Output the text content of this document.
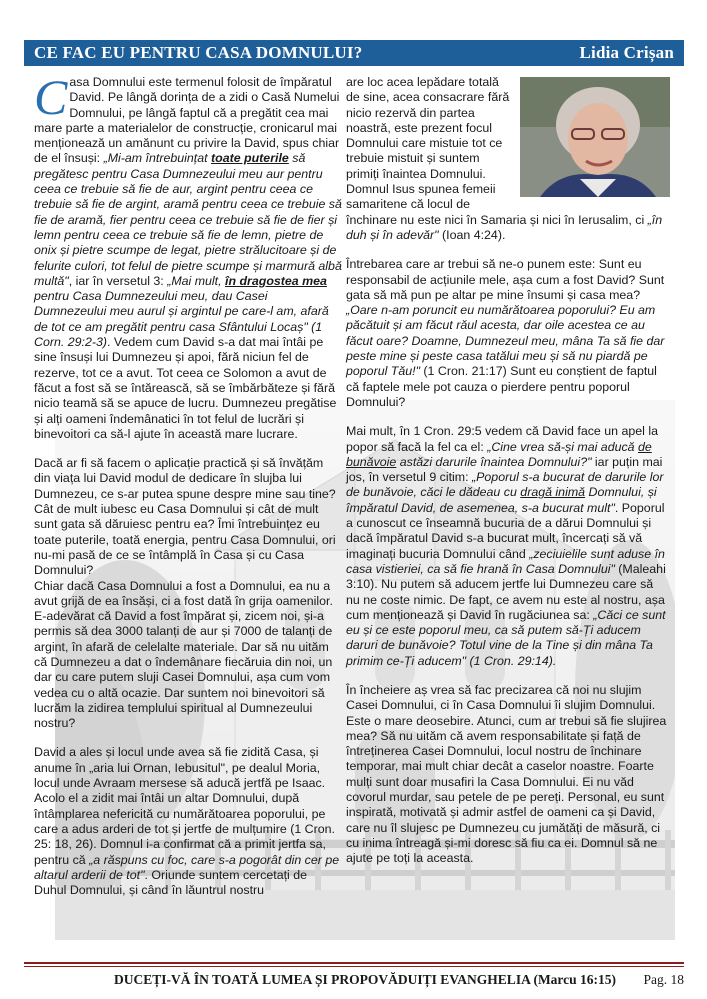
CE FAC EU PENTRU CASA DOMNULUI?	Lidia Crișan

Casa Domnului este termenul folosit de împăratul David. Pe lângă dorința de a zidi o Casă Numelui Domnului, pe lângă faptul că a pregătit cea mai mare parte a materialelor de construcție, cronicarul mai menționează un amănunt cu privire la David, spus chiar de el însuși: „Mi-am întrebuințat toate puterile să pregătesc pentru Casa Dumnezeului meu aur pentru ceea ce trebuie să fie de aur, argint pentru ceea ce trebuie să fie de argint, aramă pentru ceea ce trebuie să fie de aramă, fier pentru ceea ce trebuie să fie de fier și lemn pentru ceea ce trebuie să fie de lemn, pietre de onix și pietre scumpe de legat, pietre strălucitoare și de felurite culori, tot felul de pietre scumpe și marmură albă multă", iar în versetul 3: „Mai mult, în dragostea mea pentru Casa Dumnezeului meu, dau Casei Dumnezeului meu aurul și argintul pe care-l am, afară de tot ce am pregătit pentru casa Sfântului Locaș" (1 Corn. 29:2-3). Vedem cum David s-a dat mai întâi pe sine însuși lui Dumnezeu și apoi, fără niciun fel de rezerve, tot ce a avut. Tot ceea ce Solomon a avut de făcut a fost să se întărească, să se îmbărbăteze și fără nicio teamă să se apuce de lucru. Dumnezeu pregătise și alți oameni îndemânatici în tot felul de lucrări și binevoitori ca să-l ajute în această mare lucrare.

Dacă ar fi să facem o aplicație practică și să învățăm din viața lui David modul de dedicare în slujba lui Dumnezeu, ce s-ar putea spune despre mine sau tine? Cât de mult iubesc eu Casa Domnului și cât de mult sunt gata să dăruiesc pentru ea? Îmi întrebuințez eu toate puterile, toată energia, pentru Casa Domnului, ori nu-mi pasă de ce se întâmplă în Casa și cu Casa Domnului?

Chiar dacă Casa Domnului a fost a Domnului, ea nu a avut grijă de ea însăși, ci a fost dată în grija oamenilor. E-adevărat că David a fost împărat și, zicem noi, și-a permis să dea 3000 talanți de aur și 7000 de talanți de argint, în afară de celelalte materiale. Dar să nu uităm că Dumnezeu a dat o îndemânare fiecăruia din noi, un dar cu care putem sluji Casei Domnului, așa cum vom vedea cu o altă ocazie. Dar suntem noi binevoitori să lucrăm la zidirea templului spiritual al Dumnezeului nostru?

David a ales și locul unde avea să fie zidită Casa, și anume în „aria lui Ornan, Iebusitul", pe dealul Moria, locul unde Avraam mersese să aducă jertfă pe Isaac. Acolo el a zidit mai întâi un altar Domnului, după întâmplarea nefericită cu numărătoarea poporului, pe care a adus arderi de tot și jertfe de mulțumire (1 Cron. 25: 18, 26). Domnul i-a confirmat că a primit jertfa sa, pentru că „a răspuns cu foc, care s-a pogorât din cer pe altarul arderii de tot". Oriunde suntem cercetați de Duhul Domnului, și când în lăuntrul nostru

are loc acea lepădare totală de sine, acea consacrare fără nicio rezervă din partea noastră, este prezent focul Domnului care mistuie tot ce trebuie mistuit și suntem primiți înaintea Domnului. Domnul Isus spunea femeii samaritene că locul de închinare nu este nici în Samaria și nici în Ierusalim, ci „în duh și în adevăr" (Ioan 4:24).

Întrebarea care ar trebui să ne-o punem este: Sunt eu responsabil de acțiunile mele, așa cum a fost David? Sunt gata să mă pun pe altar pe mine însumi și casa mea? „Oare n-am poruncit eu numărătoarea poporului? Eu am păcătuit și am făcut răul acesta, dar oile acestea ce au făcut oare? Doamne, Dumnezeul meu, mâna Ta să fie dar peste mine și peste casa tatălui meu și să nu piardă pe poporul Tău!" (1 Cron. 21:17) Sunt eu conștient de faptul că faptele mele pot cauza o pierdere pentru poporul Domnului?

Mai mult, în 1 Cron. 29:5 vedem că David face un apel la popor să facă la fel ca el: „Cine vrea să-și mai aducă de bunăvoie astăzi darurile înaintea Domnului?" iar puțin mai jos, în versetul 9 citim: „Poporul s-a bucurat de darurile lor de bunăvoie, căci le dădeau cu dragă inimă Domnului, și împăratul David, de asemenea, s-a bucurat mult". Poporul a cunoscut ce înseamnă bucuria de a dărui Domnului și dacă împăratul David s-a bucurat mult, încercați să vă imaginați bucuria Domnului când „zeciuielile sunt aduse în casa vistieriei, ca să fie hrană în Casa Domnului" (Maleahi 3:10). Nu putem să aducem jertfe lui Dumnezeu care să nu ne coste nimic. De fapt, ce avem nu este al nostru, așa cum menționează și David în rugăciunea sa: „Căci ce sunt eu și ce este poporul meu, ca să putem să-Ți aducem daruri de bunăvoie? Totul vine de la Tine și din mâna Ta primim ce-Ți aducem" (1 Cron. 29:14).

În încheiere aș vrea să fac precizarea că noi nu slujim Casei Domnului, ci în Casa Domnului îi slujim Domnului. Este o mare deosebire. Atunci, cum ar trebui să fie slujirea mea? Să nu uităm că avem responsabilitate și față de întreținerea Casei Domnului, locul nostru de închinare temporar, mai mult chiar decât a caselor noastre. Foarte mulți sunt doar musafiri la Casa Domnului. Ei nu văd covorul murdar, sau petele de pe pereți. Personal, eu sunt inspirată, motivată și admir astfel de oameni ca și David, care nu îl slujesc pe Dumnezeu cu jumătăți de măsură, ci cu inima întreagă și-mi doresc să fiu ca ei. Domnul să ne ajute pe toți la aceasta.

DUCEȚI-VĂ ÎN TOATĂ LUMEA ȘI PROPOVĂDUIȚI EVANGHELIA (Marcu 16:15) Pag. 18
